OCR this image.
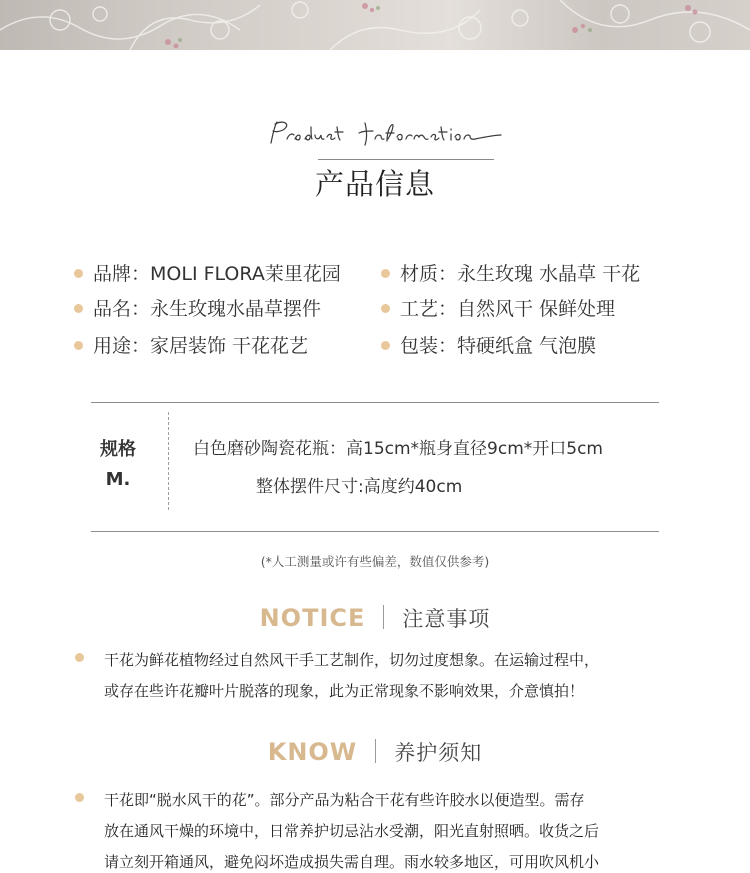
产品信息
品牌：MOLI FLORA茉里花园	材质：永生玫瑰 水晶草 干花
品名：永生玫瑰水晶草摆件	工艺：自然风干 保鲜处理
用途：家居装饰 干花花艺	包装：特硬纸盒 气泡膜
规格
M.
白色磨砂陶瓷花瓶：高15cm*瓶身直径9cm*开口5cm
整体摆件尺寸:高度约40cm
(*人工测量或许有些偏差，数值仅供参考)
NOTICE 注意事项
干花为鲜花植物经过自然风干手工艺制作，切勿过度想象。在运输过程中，
或存在些许花瓣叶片脱落的现象，此为正常现象不影响效果，介意慎拍！
KNOW 养护须知
干花即“脱水风干的花”。部分产品为粘合干花有些许胶水以便造型。需存
放在通风干燥的环境中，日常养护切忌沾水受潮，阳光直射照晒。收货之后
请立刻开箱通风，避免闷坏造成损失需自理。雨水较多地区，可用吹风机小
